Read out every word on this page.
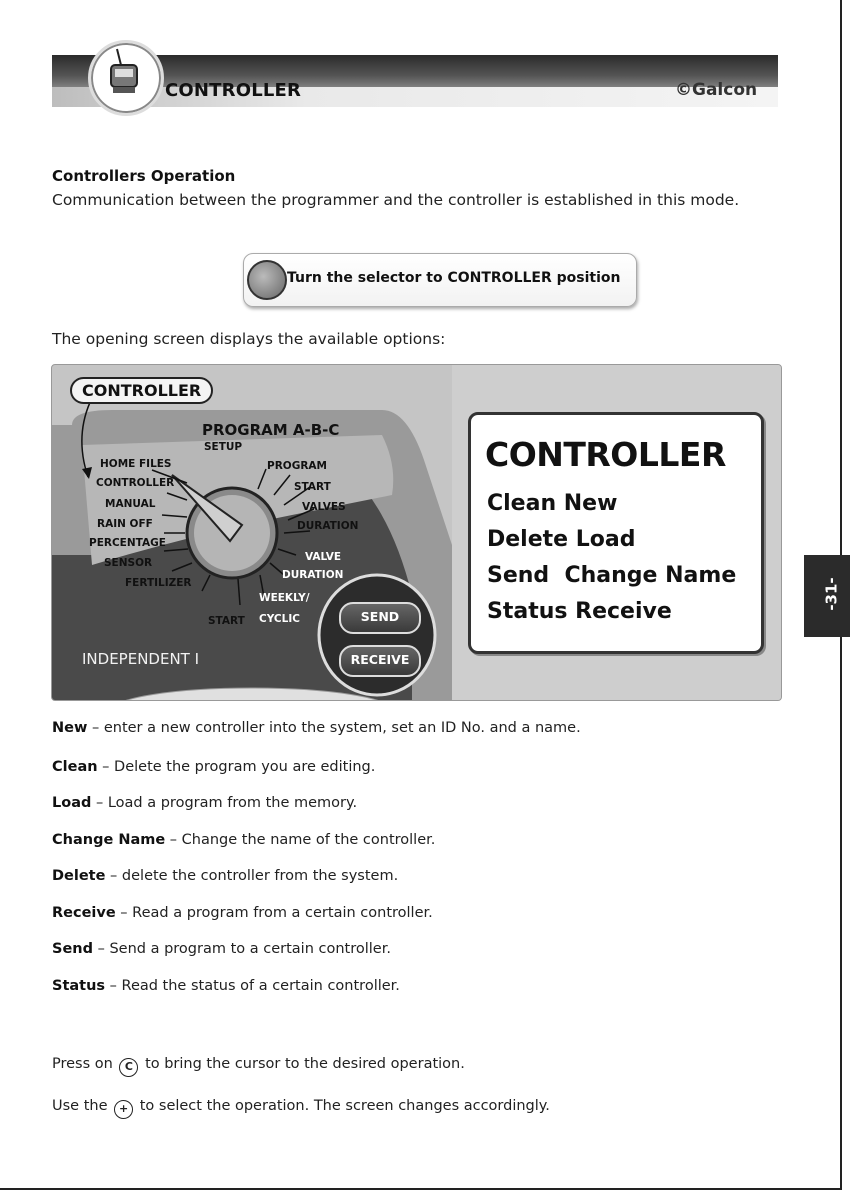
CONTROLLER	©Galcon
Controllers Operation
Communication between the programmer and the controller is established in this mode.
Turn the selector to CONTROLLER position
The opening screen displays the available options:
CONTROLLER
PROGRAM A-B-C
SETUP
HOME FILES
CONTROLLER
MANUAL
RAIN OFF
PERCENTAGE
SENSOR
FERTILIZER
START
PROGRAM
START
VALVES
DURATION
VALVE
DURATION
WEEKLY/
CYCLIC
INDEPENDENT I
SEND
RECEIVE
CONTROLLER
Clean New
Delete Load
Send  Change Name
Status Receive
New – enter a new controller into the system, set an ID No. and a name.
Clean – Delete the program you are editing.
Load – Load a program from the memory.
Change Name – Change the name of the controller.
Delete – delete the controller from the system.
Receive – Read a program from a certain controller.
Send – Send a program to a certain controller.
Status – Read the status of a certain controller.
Press on C to bring the cursor to the desired operation.
Use the + to select the operation. The screen changes accordingly.
-31-
